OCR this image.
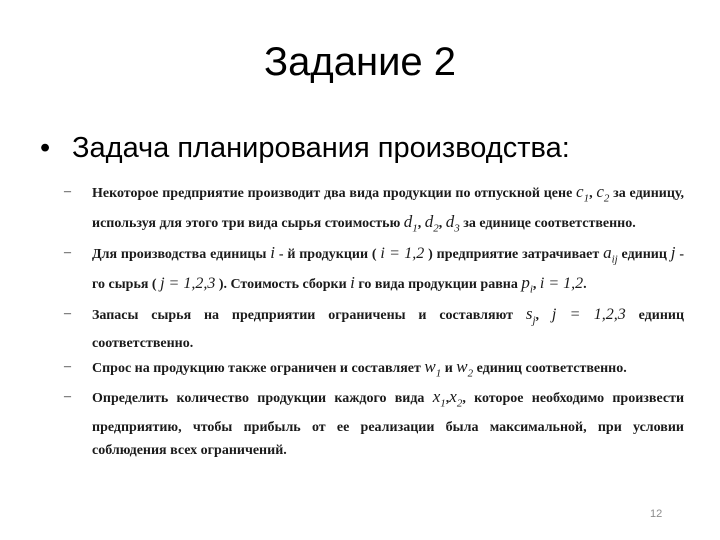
Задание 2
• Задача планирования производства:
– Некоторое предприятие производит два вида продукции по отпускной цене $c_1$, $c_2$ за единицу, используя для этого три вида сырья стоимостью $d_1$, $d_2$, $d_3$ за единице соответственно.

– Для производства единицы i - й продукции ( i = 1,2 ) предприятие затрачивает $a_{ij}$ единиц j - го сырья ( j = 1,2,3 ). Стоимость сборки i го вида продукции равна $p_i$, i = 1,2.

– Запасы сырья на предприятии ограничены и составляют $s_j$, j = 1,2,3 единиц соответственно.

– Спрос на продукцию также ограничен и составляет $w_1$ и $w_2$ единиц соответственно.

– Определить количество продукции каждого вида $x_1,x_2$, которое необходимо произвести предприятию, чтобы прибыль от ее реализации была максимальной, при условии соблюдения всех ограничений.

12
